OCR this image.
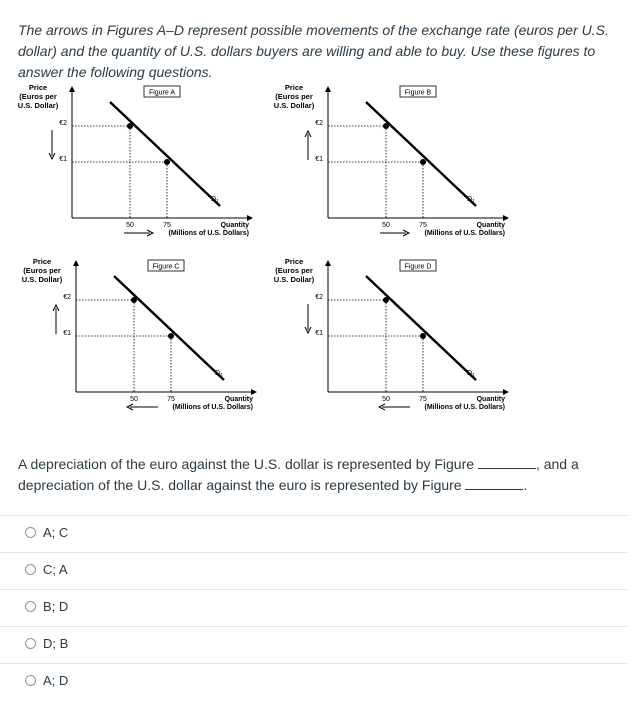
The arrows in Figures A–D represent possible movements of the exchange rate (euros per U.S. dollar) and the quantity of U.S. dollars buyers are willing and able to buy. Use these figures to answer the following questions.
Price
(Euros per
U.S. Dollar)
$D_1$
€2
€1
50	75	Quantity
(Millions of U.S. Dollars)
Figure A
Price
(Euros per
U.S. Dollar)
$D_1$
€2
€1
50	75	Quantity
(Millions of U.S. Dollars)
Figure B
Price
(Euros per
U.S. Dollar)
$D_1$
€2
€1
50	75	Quantity
(Millions of U.S. Dollars)
Figure C
Price
(Euros per
U.S. Dollar)
$D_1$
€2
€1
50	75	Quantity
(Millions of U.S. Dollars)
Figure D
A depreciation of the euro against the U.S. dollar is represented by Figure	, and a depreciation of the U.S. dollar against the euro is represented by Figure	.
A; C
C; A
B; D
D; B
A; D
